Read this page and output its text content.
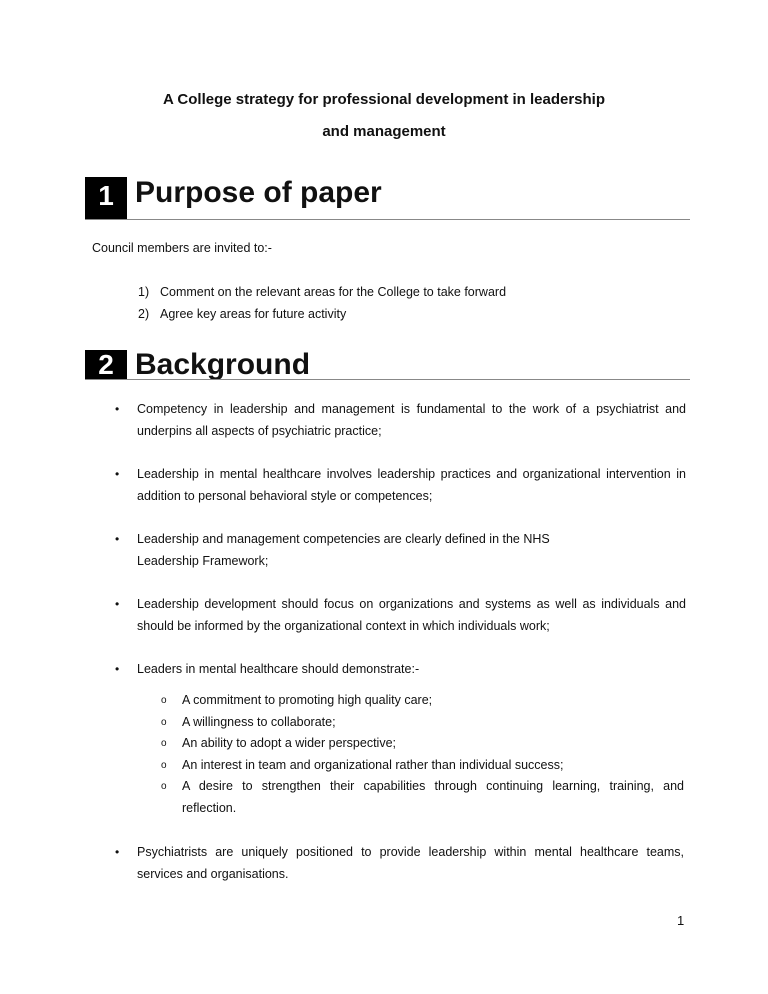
A College strategy for professional development in leadership and management
1 Purpose of paper
Council members are invited to:-
1) Comment on the relevant areas for the College to take forward
2) Agree key areas for future activity
2 Background
• Competency in leadership and management is fundamental to the work of a psychiatrist and underpins all aspects of psychiatric practice;
• Leadership in mental healthcare involves leadership practices and organizational intervention in addition to personal behavioral style or competences;
• Leadership and management competencies are clearly defined in the NHS Leadership Framework;
• Leadership development should focus on organizations and systems as well as individuals and should be informed by the organizational context in which individuals work;
• Leaders in mental healthcare should demonstrate:-
o A commitment to promoting high quality care;
o A willingness to collaborate;
o An ability to adopt a wider perspective;
o An interest in team and organizational rather than individual success;
o A desire to strengthen their capabilities through continuing learning, training, and reflection.
• Psychiatrists are uniquely positioned to provide leadership within mental healthcare teams, services and organisations.
1
